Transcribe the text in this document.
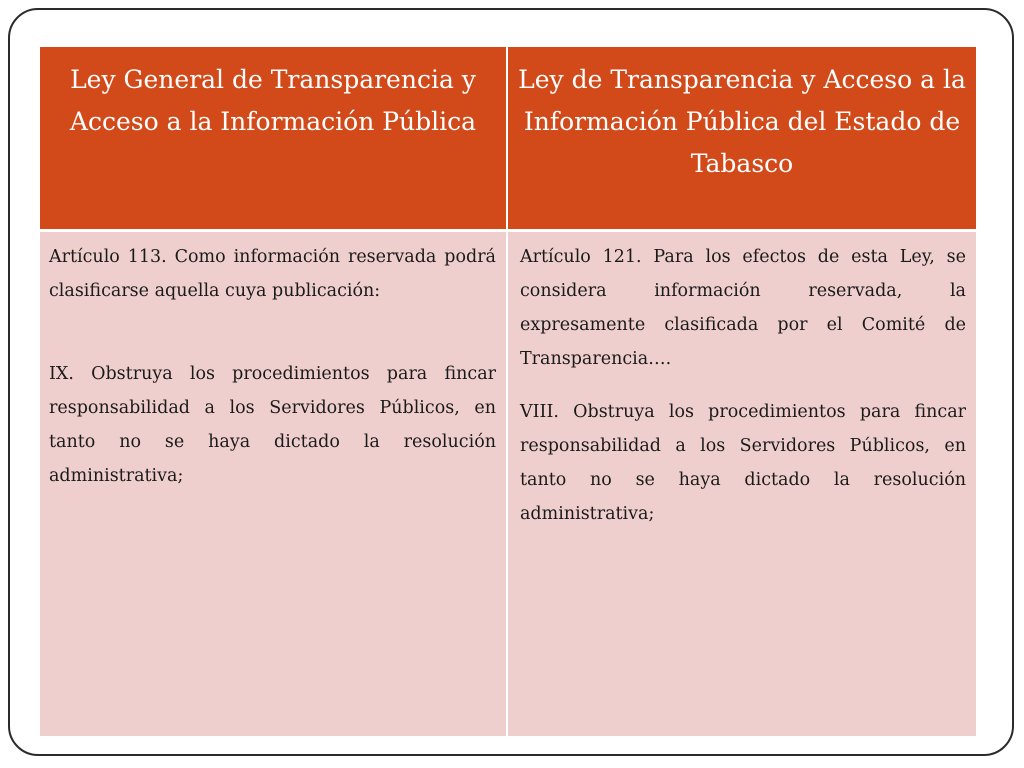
Ley General de Transparencia y Acceso a la Información Pública
Ley de Transparencia y Acceso a la Información Pública del Estado de Tabasco

Artículo 113. Como información reservada podrá clasificarse aquella cuya publicación:

IX. Obstruya los procedimientos para fincar responsabilidad a los Servidores Públicos, en tanto no se haya dictado la resolución administrativa;

Artículo 121. Para los efectos de esta Ley, se considera información reservada, la expresamente clasificada por el Comité de Transparencia….

VIII. Obstruya los procedimientos para fincar responsabilidad a los Servidores Públicos, en tanto no se haya dictado la resolución administrativa;
